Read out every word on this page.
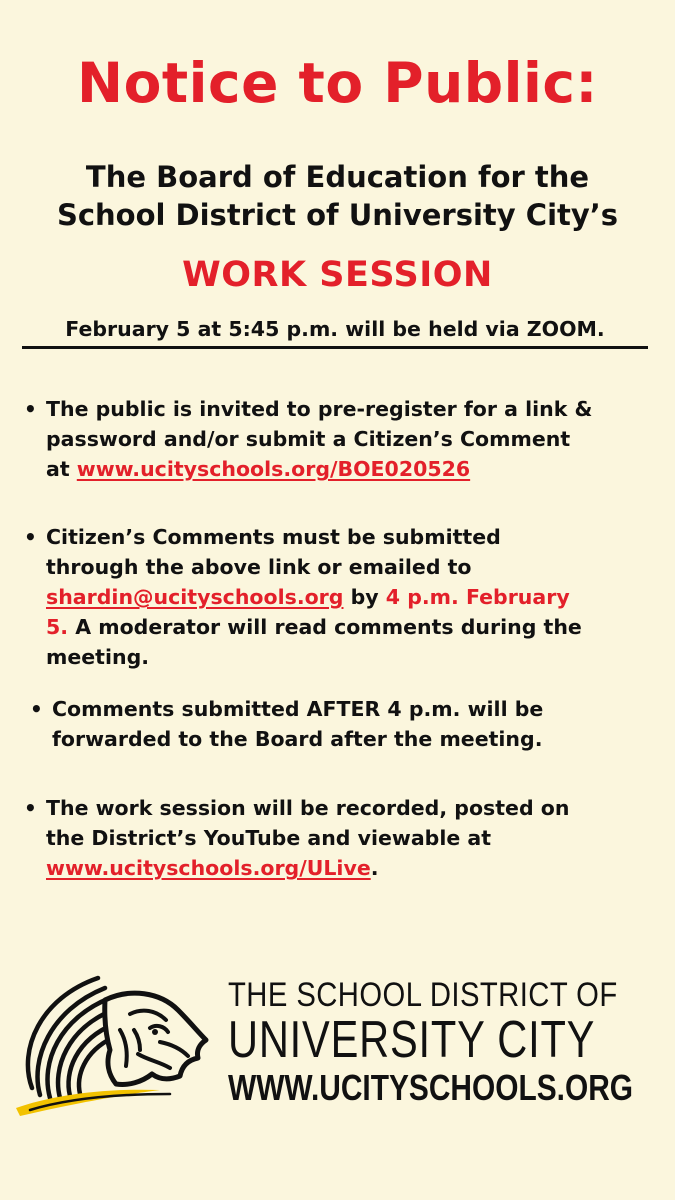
Notice to Public:
The Board of Education for the
School District of University City’s
WORK SESSION
February 5 at 5:45 p.m. will be held via ZOOM.
• The public is invited to pre-register for a link &
password and/or submit a Citizen’s Comment
at www.ucityschools.org/BOE020526
• Citizen’s Comments must be submitted
through the above link or emailed to
shardin@ucityschools.org by 4 p.m. February
5. A moderator will read comments during the
meeting.
• Comments submitted AFTER 4 p.m. will be
forwarded to the Board after the meeting.
• The work session will be recorded, posted on
the District’s YouTube and viewable at
www.ucityschools.org/ULive.
THE SCHOOL DISTRICT OF
UNIVERSITY CITY
WWW.UCITYSCHOOLS.ORG
